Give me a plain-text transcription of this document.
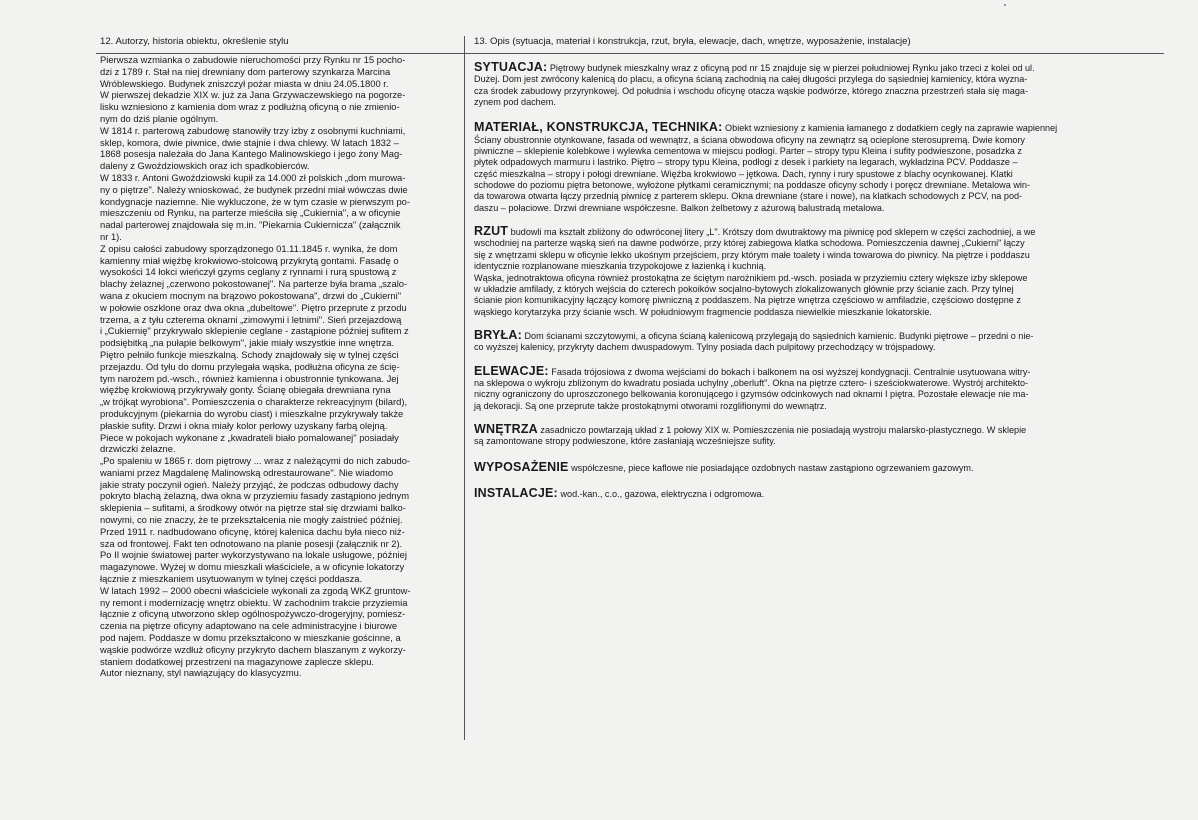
12. Autorzy, historia obiektu, określenie stylu
Pierwsza wzmianka o zabudowie nieruchomości przy Rynku nr 15 pocho-
dzi z 1789 r. Stał na niej drewniany dom parterowy szynkarza Marcina
Wróblewskiego. Budynek zniszczył pożar miasta w dniu 24.05.1800 r.
W pierwszej dekadzie XIX w. już za Jana Grzywaczewskiego na pogorze-
lisku wzniesiono z kamienia dom wraz z podłużną oficyną o nie zmienio-
nym do dziś planie ogólnym.
W 1814 r. parterową zabudowę stanowiły trzy izby z osobnymi kuchniami,
sklep, komora, dwie piwnice, dwie stajnie i dwa chlewy. W latach 1832 –
1868 posesja należała do Jana Kantego Malinowskiego i jego żony Mag-
daleny z Gwoździowskich oraz ich spadkobierców.
W 1833 r. Antoni Gwoździowski kupił za 14.000 zł polskich „dom murowa-
ny o piętrze". Należy wnioskować, że budynek przedni miał wówczas dwie
kondygnacje naziemne. Nie wykluczone, że w tym czasie w pierwszym po-
mieszczeniu od Rynku, na parterze mieściła się „Cukiernia", a w oficynie
nadal parterowej znajdowała się m.in. "Piekarnia Cukiernicza" (załącznik
nr 1).
Z opisu całości zabudowy sporządzonego 01.11.1845 r. wynika, że dom
kamienny miał więźbę krokwiowo-stolcową przykrytą gontami. Fasadę o
wysokości 14 łokci wieńczył gzyms ceglany z rynnami i rurą spustową z
blachy żelaznej „czerwono pokostowanej". Na parterze była brama „szalo-
wana z okuciem mocnym na brązowo pokostowana", drzwi do „Cukierni"
w połowie oszklone oraz dwa okna „dubeltowe". Piętro przeprute z przodu
trzema, a z tyłu czterema oknami „zimowymi i letnimi". Sień przejazdową
i „Cukiernię" przykrywało sklepienie ceglane - zastąpione później sufitem z
podsiębitką „na pułapie belkowym", jakie miały wszystkie inne wnętrza.
Piętro pełniło funkcje mieszkalną. Schody znajdowały się w tylnej części
przejazdu. Od tyłu do domu przylegała wąska, podłużna oficyna ze ścię-
tym narożem pd.-wsch., również kamienna i obustronnie tynkowana. Jej
więźbę krokwiową przykrywały gonty. Ścianę obiegała drewniana ryna
„w trójkąt wyrobiona". Pomieszczenia o charakterze rekreacyjnym (bilard),
produkcyjnym (piekarnia do wyrobu ciast) i mieszkalne przykrywały także
płaskie sufity. Drzwi i okna miały kolor perłowy uzyskany farbą olejną.
Piece w pokojach wykonane z „kwadrateli biało pomalowanej" posiadały
drzwiczki żelazne.
„Po spaleniu w 1865 r. dom piętrowy ... wraz z należącymi do nich zabudo-
waniami przez Magdalenę Malinowską odrestaurowane". Nie wiadomo
jakie straty poczynił ogień. Należy przyjąć, że podczas odbudowy dachy
pokryto blachą żelazną, dwa okna w przyziemiu fasady zastąpiono jednym
sklepienia – sufitami, a środkowy otwór na piętrze stał się drzwiami balko-
nowymi, co nie znaczy, że te przekształcenia nie mogły zaistnieć później.
Przed 1911 r. nadbudowano oficynę, której kalenica dachu była nieco niż-
sza od frontowej. Fakt ten odnotowano na planie posesji (załącznik nr 2).
Po II wojnie światowej parter wykorzystywano na lokale usługowe, później
magazynowe. Wyżej w domu mieszkali właściciele, a w oficynie lokatorzy
łącznie z mieszkaniem usytuowanym w tylnej części poddasza.
W latach 1992 – 2000 obecni właściciele wykonali za zgodą WKZ gruntow-
ny remont i modernizację wnętrz obiektu. W zachodnim trakcie przyziemia
łącznie z oficyną utworzono sklep ogólnospożywczo-drogeryjny, pomiesz-
czenia na piętrze oficyny adaptowano na cele administracyjne i biurowe
pod najem. Poddasze w domu przekształcono w mieszkanie gościnne, a
wąskie podwórze wzdłuż oficyny przykryto dachem blaszanym z wykorzy-
staniem dodatkowej przestrzeni na magazynowe zaplecze sklepu.
Autor nieznany, styl nawiązujący do klasycyzmu.
13. Opis (sytuacja, materiał i konstrukcja, rzut, bryła, elewacje, dach, wnętrze, wyposażenie, instalacje)
SYTUACJA: Piętrowy budynek mieszkalny wraz z oficyną pod nr 15 znajduje się w pierzei południowej Rynku jako trzeci z kolei od ul.
Dużej. Dom jest zwrócony kalenicą do placu, a oficyna ścianą zachodnią na całej długości przylega do sąsiedniej kamienicy, która wyzna-
cza środek zabudowy przyrynkowej. Od południa i wschodu oficynę otacza wąskie podwórze, którego znaczna przestrzeń stała się maga-
zynem pod dachem.
MATERIAŁ, KONSTRUKCJA, TECHNIKA: Obiekt wzniesiony z kamienia łamanego z dodatkiem cegły na zaprawie wapiennej
Ściany obustronnie otynkowane, fasada od wewnątrz, a ściana obwodowa oficyny na zewnątrz są ocieplone sterosupremą. Dwie komory
piwniczne – sklepienie kolebkowe i wylewka cementowa w miejscu podłogi. Parter – stropy typu Kleina i sufity podwieszone, posadzka z
płytek odpadowych marmuru i lastriko. Piętro – stropy typu Kleina, podłogi z desek i parkiety na legarach, wykładzina PCV. Poddasze –
część mieszkalna – stropy i połogi drewniane. Więźba krokwiowo – jętkowa. Dach, rynny i rury spustowe z blachy ocynkowanej. Klatki
schodowe do poziomu piętra betonowe, wyłożone płytkami ceramicznymi; na poddasze oficyny schody i poręcz drewniane. Metalowa win-
da towarowa otwarta łączy przednią piwnicę z parterem sklepu. Okna drewniane (stare i nowe), na klatkach schodowych z PCV, na pod-
daszu – połaciowe. Drzwi drewniane współczesne. Balkon żelbetowy z ażurową balustradą metalowa.
RZUT budowli ma kształt zbliżony do odwróconej litery „L". Krótszy dom dwutraktowy ma piwnicę pod sklepem w części zachodniej, a we
wschodniej na parterze wąską sień na dawne podwórze, przy której zabiegowa klatka schodowa. Pomieszczenia dawnej „Cukierni" łączy
się z wnętrzami sklepu w oficynie lekko ukośnym przejściem, przy którym małe toalety i winda towarowa do piwnicy. Na piętrze i poddaszu
identycznie rozplanowane mieszkania trzypokojowe z łazienką i kuchnią.
Wąska, jednotraktowa oficyna również prostokątna ze ściętym narożnikiem pd.-wsch. posiada w przyziemiu cztery większe izby sklepowe
w układzie amfilady, z których wejścia do czterech pokoików socjalno-bytowych zlokalizowanych głównie przy ścianie zach. Przy tylnej
ścianie pion komunikacyjny łączący komorę piwniczną z poddaszem. Na piętrze wnętrza częściowo w amfiladzie, częściowo dostępne z
wąskiego korytarzyka przy ścianie wsch. W południowym fragmencie poddasza niewielkie mieszkanie lokatorskie.
BRYŁA: Dom ścianami szczytowymi, a oficyna ścianą kalenicową przylegają do sąsiednich kamienic. Budynki piętrowe – przedni o nie-
co wyższej kalenicy, przykryty dachem dwuspadowym. Tylny posiada dach pulpitowy przechodzący w trójspadowy.
ELEWACJE: Fasada trójosiowa z dwoma wejściami do bokach i balkonem na osi wyższej kondygnacji. Centralnie usytuowana witry-
na sklepowa o wykroju zbliżonym do kwadratu posiada uchylny „oberluft". Okna na piętrze cztero- i sześciokwaterowe. Wystrój architekto-
niczny ograniczony do uproszczonego belkowania koronującego i gzymsów odcinkowych nad oknami I piętra. Pozostałe elewacje nie ma-
ją dekoracji. Są one przeprute także prostokątnymi otworami rozglifionymi do wewnątrz.
WNĘTRZA zasadniczo powtarzają układ z 1 połowy XIX w. Pomieszczenia nie posiadają wystroju malarsko-plastycznego. W sklepie
są zamontowane stropy podwieszone, które zasłaniają wcześniejsze sufity.
WYPOSAŻENIE współczesne, piece kaflowe nie posiadające ozdobnych nastaw zastąpiono ogrzewaniem gazowym.
INSTALACJE: wod.-kan., c.o., gazowa, elektryczna i odgromowa.
